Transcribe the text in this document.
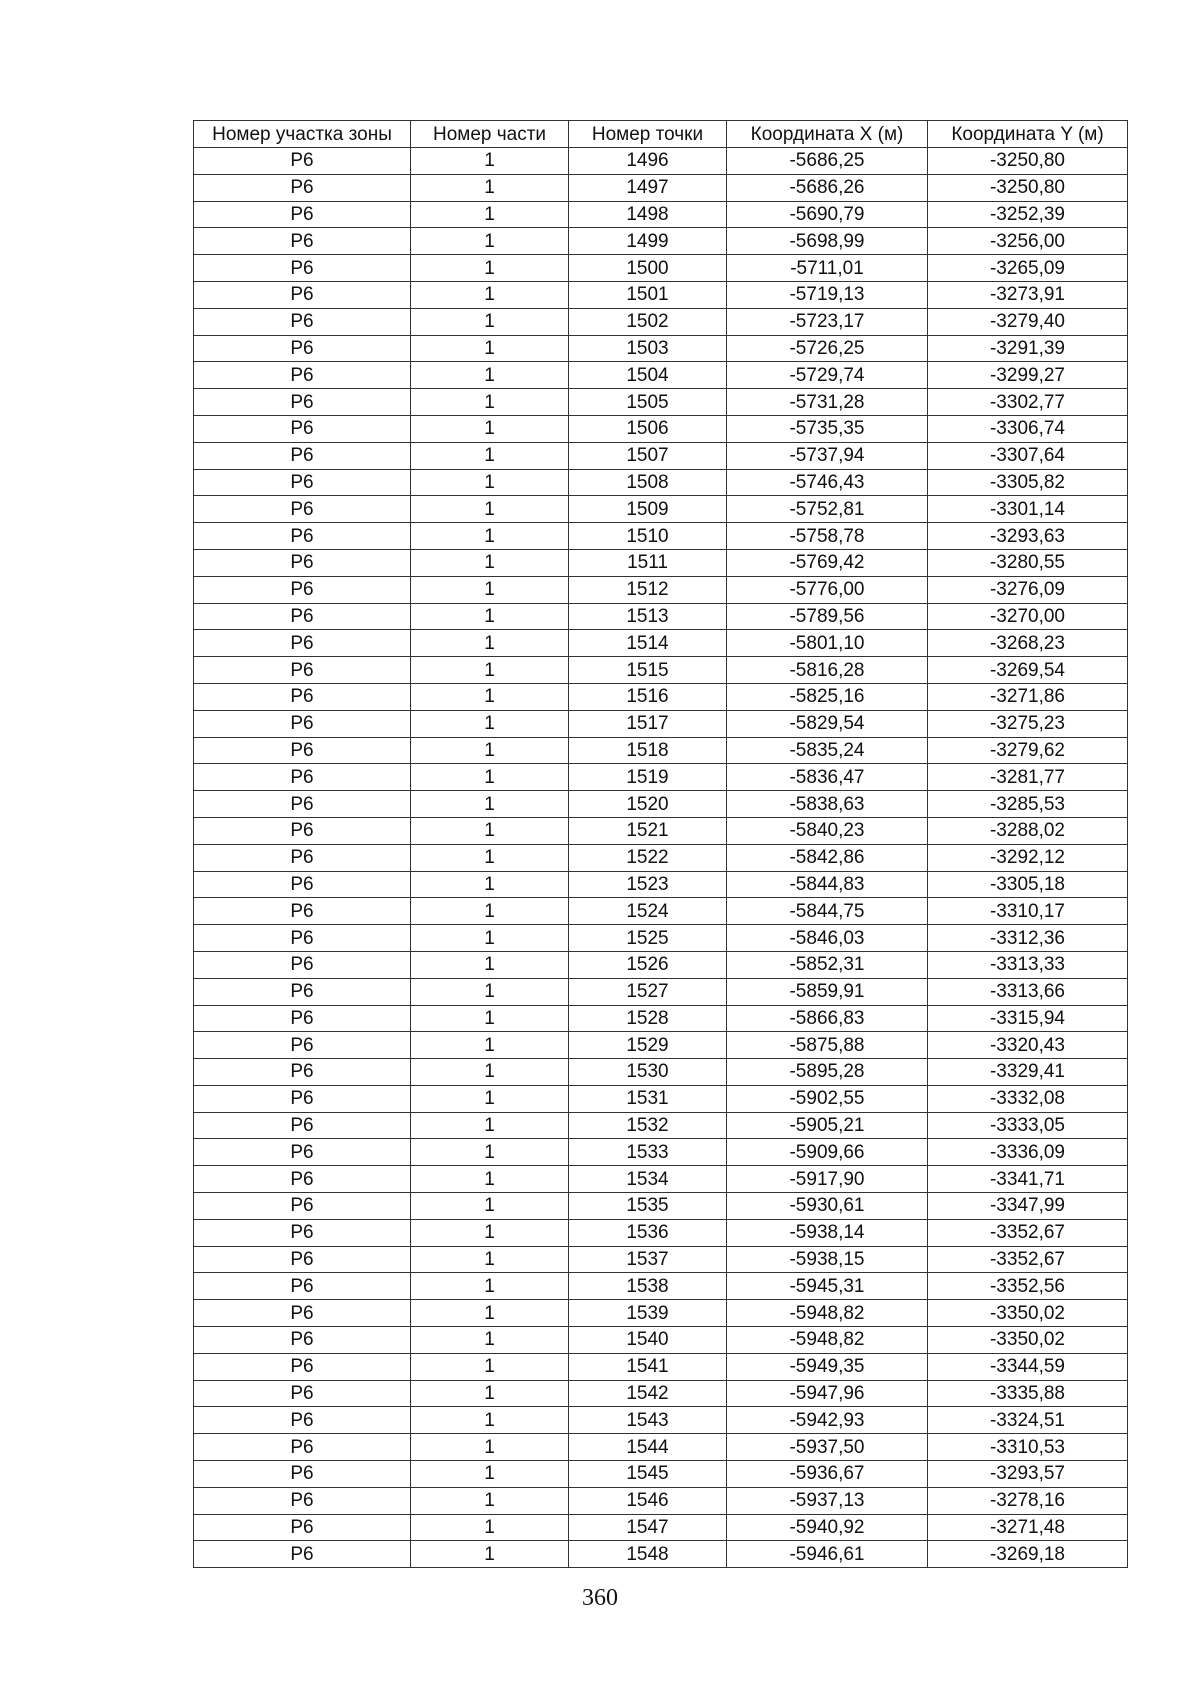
Номер участка зоны	Номер части	Номер точки	Координата X (м)	Координата Y (м)
Р6	1	1496	-5686,25	-3250,80
Р6	1	1497	-5686,26	-3250,80
Р6	1	1498	-5690,79	-3252,39
Р6	1	1499	-5698,99	-3256,00
Р6	1	1500	-5711,01	-3265,09
Р6	1	1501	-5719,13	-3273,91
Р6	1	1502	-5723,17	-3279,40
Р6	1	1503	-5726,25	-3291,39
Р6	1	1504	-5729,74	-3299,27
Р6	1	1505	-5731,28	-3302,77
Р6	1	1506	-5735,35	-3306,74
Р6	1	1507	-5737,94	-3307,64
Р6	1	1508	-5746,43	-3305,82
Р6	1	1509	-5752,81	-3301,14
Р6	1	1510	-5758,78	-3293,63
Р6	1	1511	-5769,42	-3280,55
Р6	1	1512	-5776,00	-3276,09
Р6	1	1513	-5789,56	-3270,00
Р6	1	1514	-5801,10	-3268,23
Р6	1	1515	-5816,28	-3269,54
Р6	1	1516	-5825,16	-3271,86
Р6	1	1517	-5829,54	-3275,23
Р6	1	1518	-5835,24	-3279,62
Р6	1	1519	-5836,47	-3281,77
Р6	1	1520	-5838,63	-3285,53
Р6	1	1521	-5840,23	-3288,02
Р6	1	1522	-5842,86	-3292,12
Р6	1	1523	-5844,83	-3305,18
Р6	1	1524	-5844,75	-3310,17
Р6	1	1525	-5846,03	-3312,36
Р6	1	1526	-5852,31	-3313,33
Р6	1	1527	-5859,91	-3313,66
Р6	1	1528	-5866,83	-3315,94
Р6	1	1529	-5875,88	-3320,43
Р6	1	1530	-5895,28	-3329,41
Р6	1	1531	-5902,55	-3332,08
Р6	1	1532	-5905,21	-3333,05
Р6	1	1533	-5909,66	-3336,09
Р6	1	1534	-5917,90	-3341,71
Р6	1	1535	-5930,61	-3347,99
Р6	1	1536	-5938,14	-3352,67
Р6	1	1537	-5938,15	-3352,67
Р6	1	1538	-5945,31	-3352,56
Р6	1	1539	-5948,82	-3350,02
Р6	1	1540	-5948,82	-3350,02
Р6	1	1541	-5949,35	-3344,59
Р6	1	1542	-5947,96	-3335,88
Р6	1	1543	-5942,93	-3324,51
Р6	1	1544	-5937,50	-3310,53
Р6	1	1545	-5936,67	-3293,57
Р6	1	1546	-5937,13	-3278,16
Р6	1	1547	-5940,92	-3271,48
Р6	1	1548	-5946,61	-3269,18
360
